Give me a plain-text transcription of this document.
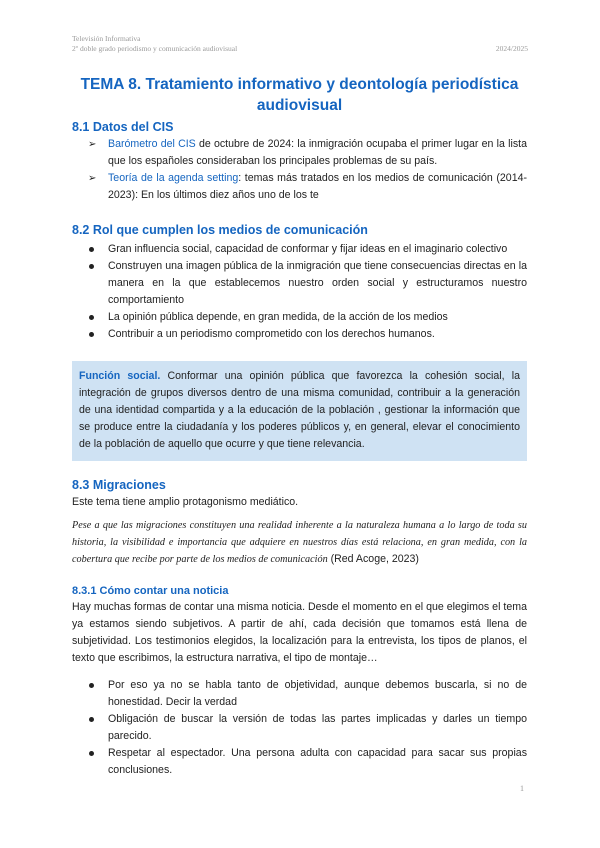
Televisión Informativa
2º doble grado periodismo y comunicación audiovisual	2024/2025
TEMA 8. Tratamiento informativo y deontología periodística audiovisual
8.1 Datos del CIS
➢ Barómetro del CIS de octubre de 2024: la inmigración ocupaba el primer lugar en la lista que los españoles consideraban los principales problemas de su país.
➢ Teoría de la agenda setting: temas más tratados en los medios de comunicación (2014-2023): En los últimos diez años uno de los te
8.2 Rol que cumplen los medios de comunicación
Gran influencia social, capacidad de conformar y fijar ideas en el imaginario colectivo
Construyen una imagen pública de la inmigración que tiene consecuencias directas en la manera en la que establecemos nuestro orden social y estructuramos nuestro comportamiento
La opinión pública depende, en gran medida, de la acción de los medios
Contribuir a un periodismo comprometido con los derechos humanos.

Función social. Conformar una opinión pública que favorezca la cohesión social, la integración de grupos diversos dentro de una misma comunidad, contribuir a la generación de una identidad compartida y a la educación de la población , gestionar la información que se produce entre la ciudadanía y los poderes públicos y, en general, elevar el conocimiento de la población de aquello que ocurre y que tiene relevancia.

8.3 Migraciones

Este tema tiene amplio protagonismo mediático.

Pese a que las migraciones constituyen una realidad inherente a la naturaleza humana a lo largo de toda su historia, la visibilidad e importancia que adquiere en nuestros días está relaciona, en gran medida, con la cobertura que recibe por parte de los medios de comunicación (Red Acoge, 2023)

8.3.1 Cómo contar una noticia

Hay muchas formas de contar una misma noticia. Desde el momento en el que elegimos el tema ya estamos siendo subjetivos. A partir de ahí, cada decisión que tomamos está llena de subjetividad. Los testimonios elegidos, la localización para la entrevista, los tipos de planos, el texto que escribimos, la estructura narrativa, el tipo de montaje…

Por eso ya no se habla tanto de objetividad, aunque debemos buscarla, si no de honestidad. Decir la verdad
Obligación de buscar la versión de todas las partes implicadas y darles un tiempo parecido.
Respetar al espectador. Una persona adulta con capacidad para sacar sus propias conclusiones.
1
